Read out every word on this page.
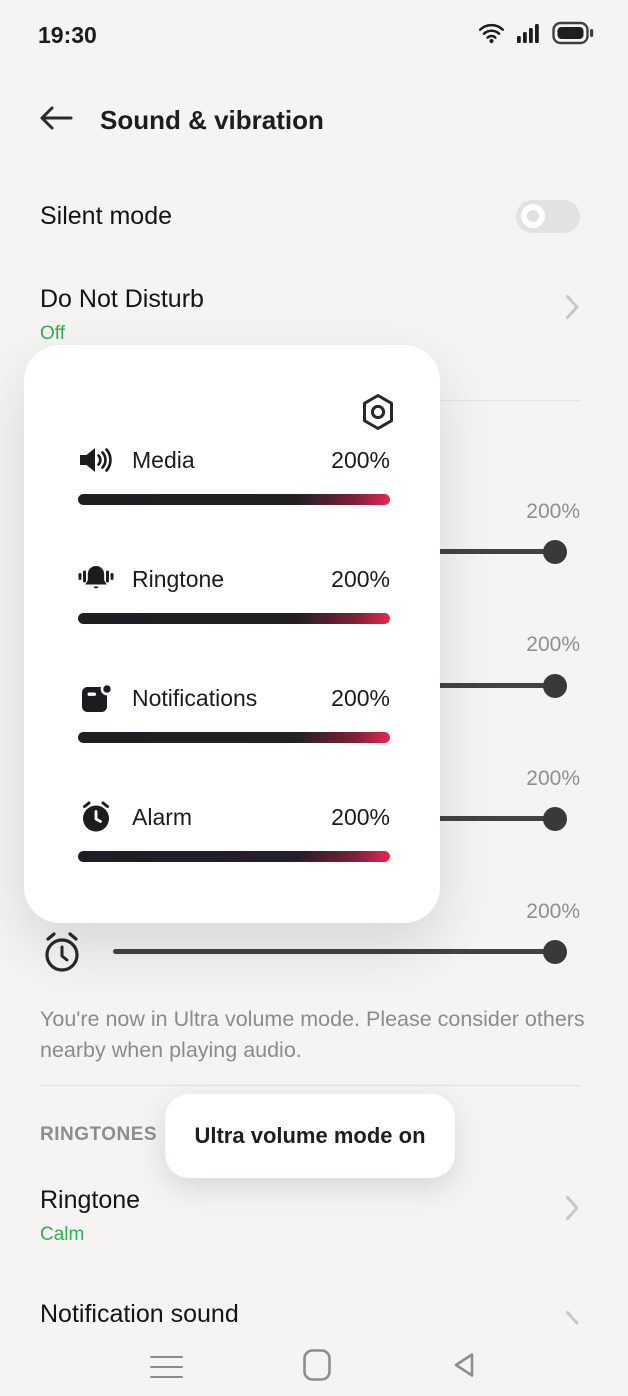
19:30
Sound & vibration
Silent mode
Do Not Disturb
Off
200%
200%
200%
200%
Media	200%
Ringtone	200%
Notifications	200%
Alarm	200%
You're now in Ultra volume mode. Please consider others nearby when playing audio.
RINGTONES Ultra volume mode on
Ringtone
Calm
Notification sound
